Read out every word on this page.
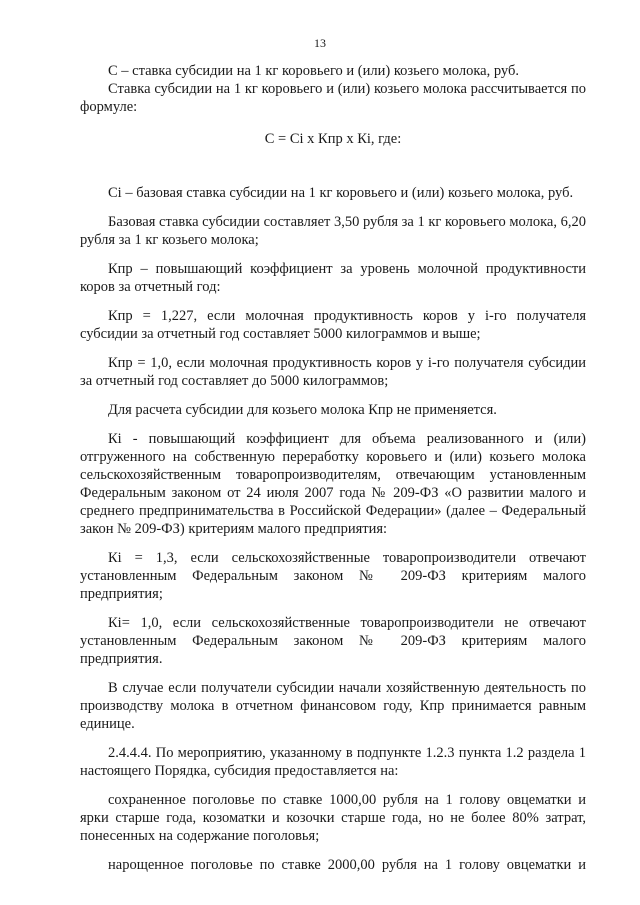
13

С – ставка субсидии на 1 кг коровьего и (или) козьего молока, руб.

Ставка субсидии на 1 кг коровьего и (или) козьего молока рассчитывается по формуле:

С = Сi х Кпр х Кi, где:

Сi – базовая ставка субсидии на 1 кг коровьего и (или) козьего молока, руб.

Базовая ставка субсидии составляет 3,50 рубля за 1 кг коровьего молока, 6,20 рубля за 1 кг козьего молока;

Кпр – повышающий коэффициент за уровень молочной продуктивности коров за отчетный год:

Кпр = 1,227, если молочная продуктивность коров у i-го получателя субсидии за отчетный год составляет 5000 килограммов и выше;

Кпр = 1,0, если молочная продуктивность коров у i-го получателя субсидии за отчетный год составляет до 5000 килограммов;

Для расчета субсидии для козьего молока Кпр не применяется.

Кi - повышающий коэффициент для объема реализованного и (или) отгруженного на собственную переработку коровьего и (или) козьего молока сельскохозяйственным товаропроизводителям, отвечающим установленным Федеральным законом от 24 июля 2007 года № 209-ФЗ «О развитии малого и среднего предпринимательства в Российской Федерации» (далее – Федеральный закон № 209-ФЗ) критериям малого предприятия:

Кi = 1,3, если сельскохозяйственные товаропроизводители отвечают установленным Федеральным законом № 209-ФЗ критериям малого предприятия;

Кi= 1,0, если сельскохозяйственные товаропроизводители не отвечают установленным Федеральным законом № 209-ФЗ критериям малого предприятия.

В случае если получатели субсидии начали хозяйственную деятельность по производству молока в отчетном финансовом году, Кпр принимается равным единице.

2.4.4.4. По мероприятию, указанному в подпункте 1.2.3 пункта 1.2 раздела 1 настоящего Порядка, субсидия предоставляется на:

сохраненное поголовье по ставке 1000,00 рубля на 1 голову овцематки и ярки старше года, козоматки и козочки старше года, но не более 80% затрат, понесенных на содержание поголовья;

нарощенное поголовье по ставке 2000,00 рубля на 1 голову овцематки и
